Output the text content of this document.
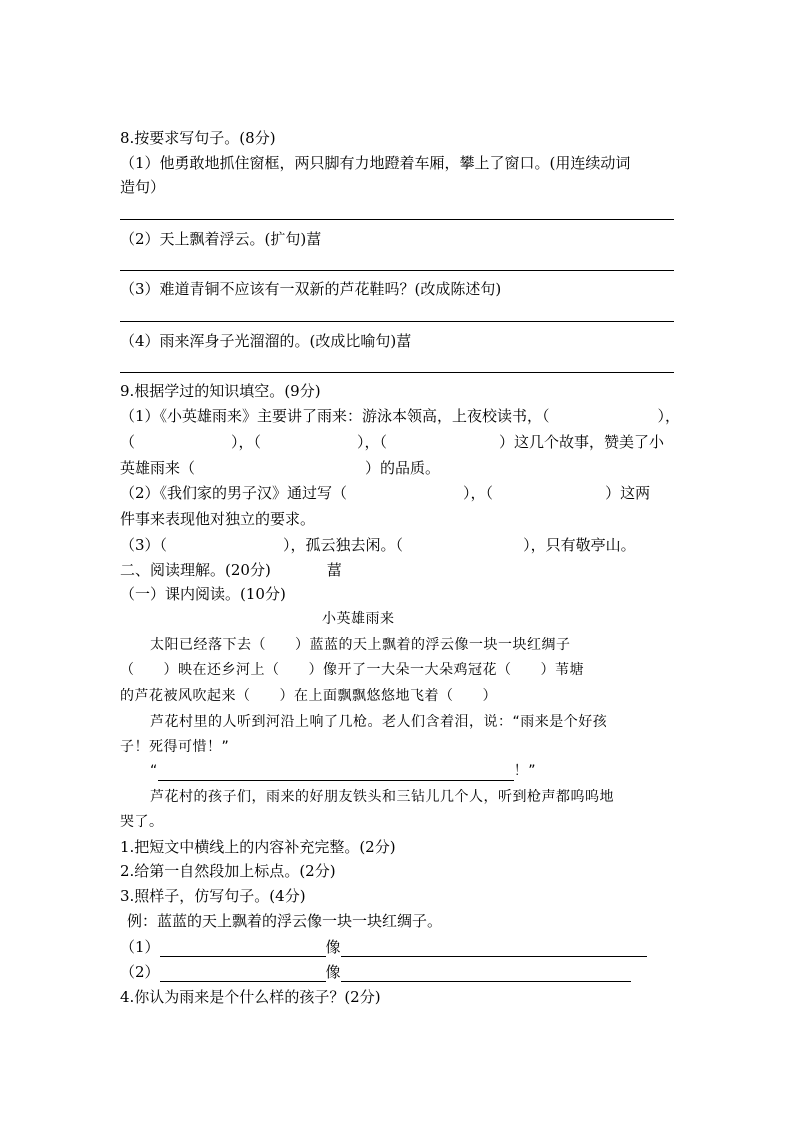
8.按要求写句子。(8分)
（1）他勇敢地抓住窗框，两只脚有力地蹬着车厢，攀上了窗口。(用连续动词
造句）
（2）天上飘着浮云。(扩句)葍
（3）难道青铜不应该有一双新的芦花鞋吗？(改成陈述句)
（4）雨来浑身子光溜溜的。(改成比喻句)葍
9.根据学过的知识填空。(9分)
（1）《小英雄雨来》主要讲了雨来：游泳本领高，上夜校读书，（	），
（	），（	），（	）这几个故事，赞美了小
英雄雨来（	）的品质。
（2）《我们家的男子汉》通过写（	），（	）这两
件事来表现他对独立的要求。
（3）（	），孤云独去闲。（	），只有敬亭山。
二、阅读理解。(20分)	葍
（一）课内阅读。(10分)
小英雄雨来
太阳已经落下去（　　）蓝蓝的天上飘着的浮云像一块一块红绸子
（　　）映在还乡河上（　　）像开了一大朵一大朵鸡冠花（　　）苇塘
的芦花被风吹起来（　　）在上面飘飘悠悠地飞着（　　）
芦花村里的人听到河沿上响了几枪。老人们含着泪，说：“雨来是个好孩
子！死得可惜！”
“	！”
芦花村的孩子们，雨来的好朋友铁头和三钻儿几个人，听到枪声都呜呜地
哭了。
1.把短文中横线上的内容补充完整。(2分)
2.给第一自然段加上标点。(2分)
3.照样子，仿写句子。(4分)
例：蓝蓝的天上飘着的浮云像一块一块红绸子。
（1）	像
（2）	像
4.你认为雨来是个什么样的孩子？(2分)
